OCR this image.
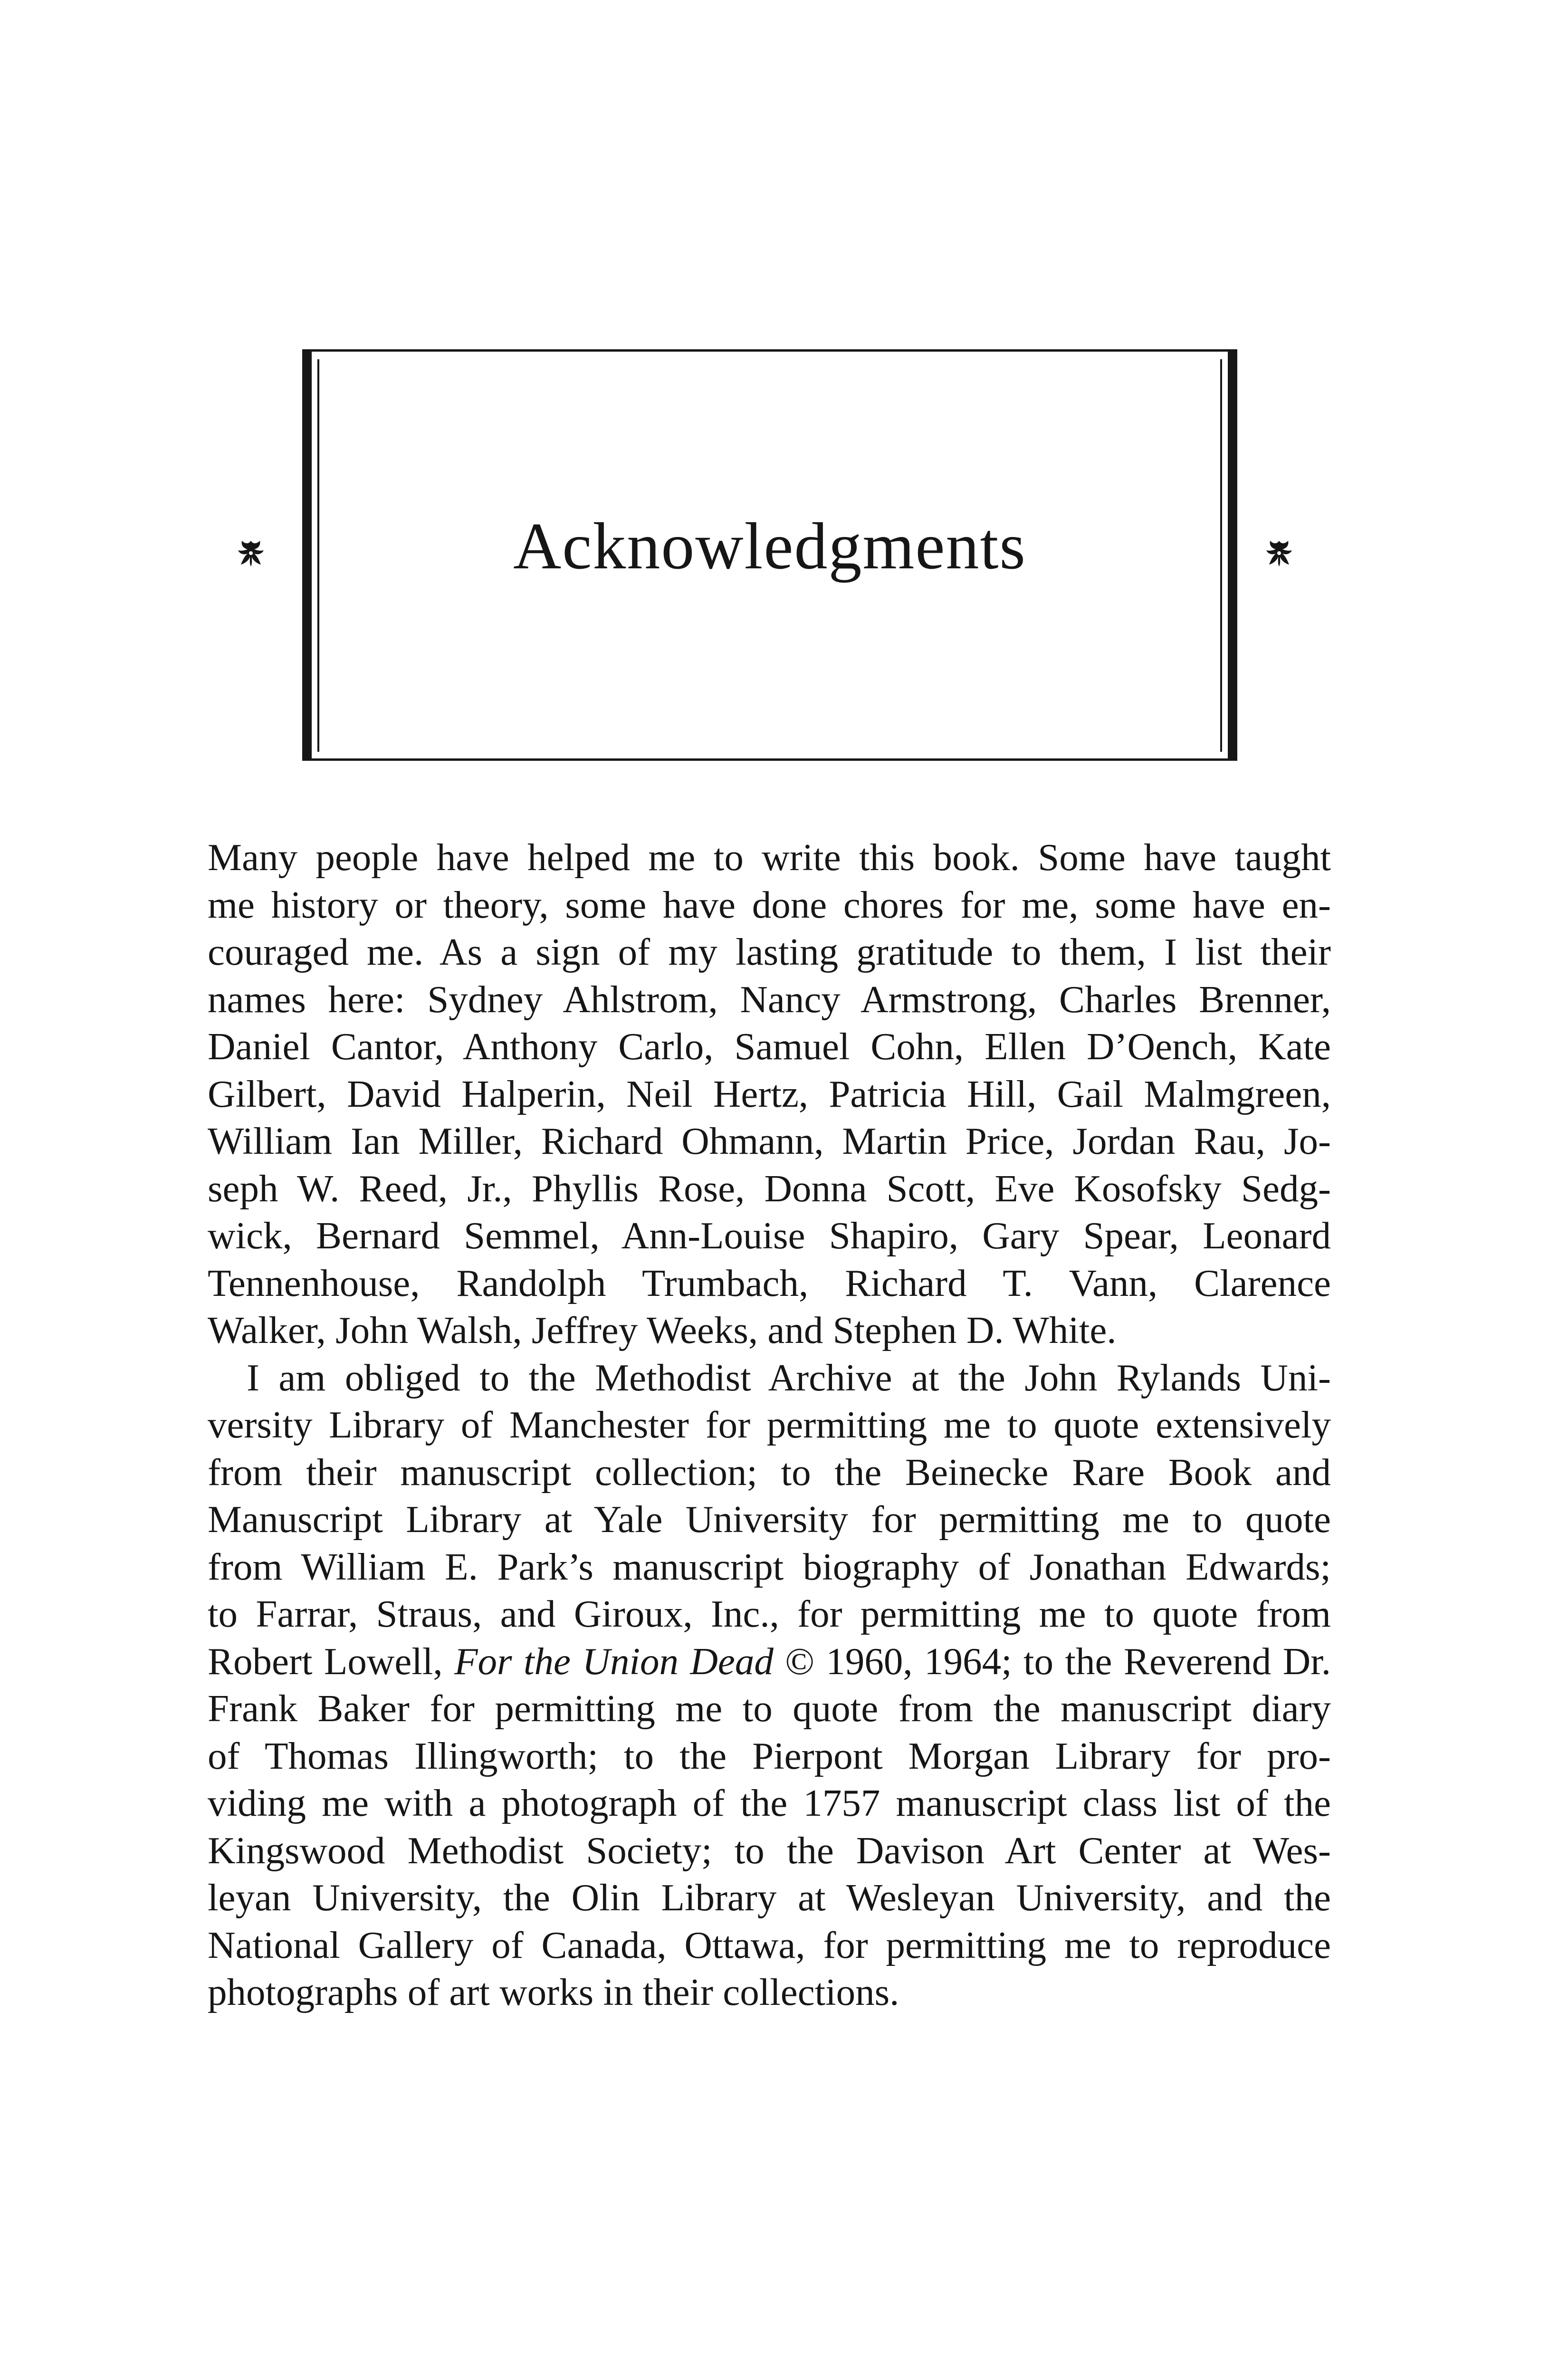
Acknowledgments

Many people have helped me to write this book. Some have taught
me history or theory, some have done chores for me, some have en-
couraged me. As a sign of my lasting gratitude to them, I list their
names here: Sydney Ahlstrom, Nancy Armstrong, Charles Brenner,
Daniel Cantor, Anthony Carlo, Samuel Cohn, Ellen D’Oench, Kate
Gilbert, David Halperin, Neil Hertz, Patricia Hill, Gail Malmgreen,
William Ian Miller, Richard Ohmann, Martin Price, Jordan Rau, Jo-
seph W. Reed, Jr., Phyllis Rose, Donna Scott, Eve Kosofsky Sedg-
wick, Bernard Semmel, Ann-Louise Shapiro, Gary Spear, Leonard
Tennenhouse, Randolph Trumbach, Richard T. Vann, Clarence
Walker, John Walsh, Jeffrey Weeks, and Stephen D. White.

I am obliged to the Methodist Archive at the John Rylands Uni-
versity Library of Manchester for permitting me to quote extensively
from their manuscript collection; to the Beinecke Rare Book and
Manuscript Library at Yale University for permitting me to quote
from William E. Park’s manuscript biography of Jonathan Edwards;
to Farrar, Straus, and Giroux, Inc., for permitting me to quote from
Robert Lowell, For the Union Dead © 1960, 1964; to the Reverend Dr.
Frank Baker for permitting me to quote from the manuscript diary
of Thomas Illingworth; to the Pierpont Morgan Library for pro-
viding me with a photograph of the 1757 manuscript class list of the
Kingswood Methodist Society; to the Davison Art Center at Wes-
leyan University, the Olin Library at Wesleyan University, and the
National Gallery of Canada, Ottawa, for permitting me to reproduce
photographs of art works in their collections.
